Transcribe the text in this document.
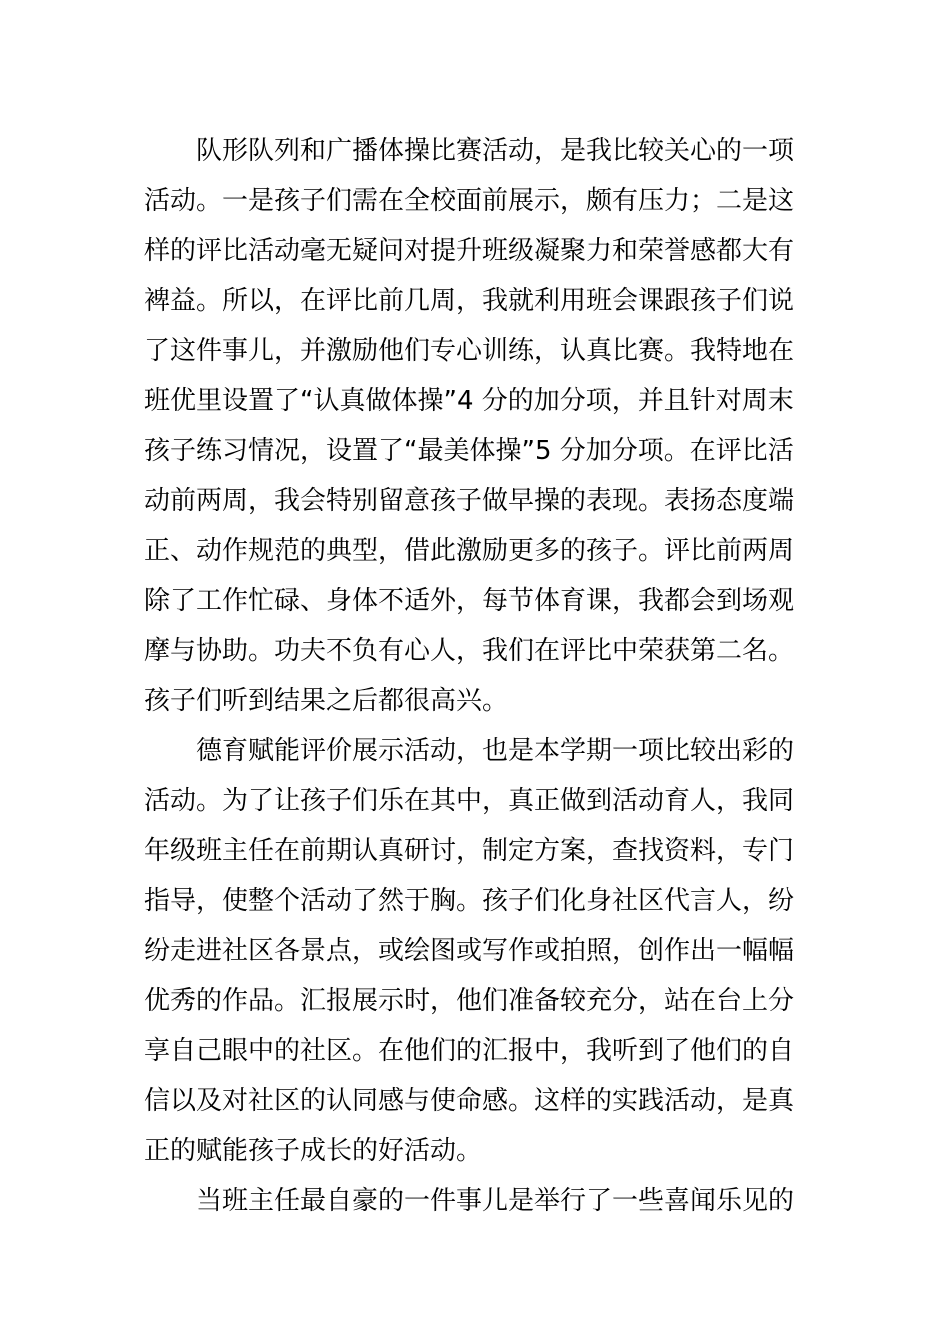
队形队列和广播体操比赛活动，是我比较关心的一项
活动。一是孩子们需在全校面前展示，颇有压力；二是这
样的评比活动毫无疑问对提升班级凝聚力和荣誉感都大有
裨益。所以，在评比前几周，我就利用班会课跟孩子们说
了这件事儿，并激励他们专心训练，认真比赛。我特地在
班优里设置了“认真做体操”4 分的加分项，并且针对周末
孩子练习情况，设置了“最美体操”5 分加分项。在评比活
动前两周，我会特别留意孩子做早操的表现。表扬态度端
正、动作规范的典型，借此激励更多的孩子。评比前两周
除了工作忙碌、身体不适外，每节体育课，我都会到场观
摩与协助。功夫不负有心人，我们在评比中荣获第二名。
孩子们听到结果之后都很高兴。
德育赋能评价展示活动，也是本学期一项比较出彩的
活动。为了让孩子们乐在其中，真正做到活动育人，我同
年级班主任在前期认真研讨，制定方案，查找资料，专门
指导，使整个活动了然于胸。孩子们化身社区代言人，纷
纷走进社区各景点，或绘图或写作或拍照，创作出一幅幅
优秀的作品。汇报展示时，他们准备较充分，站在台上分
享自己眼中的社区。在他们的汇报中，我听到了他们的自
信以及对社区的认同感与使命感。这样的实践活动，是真
正的赋能孩子成长的好活动。
当班主任最自豪的一件事儿是举行了一些喜闻乐见的
